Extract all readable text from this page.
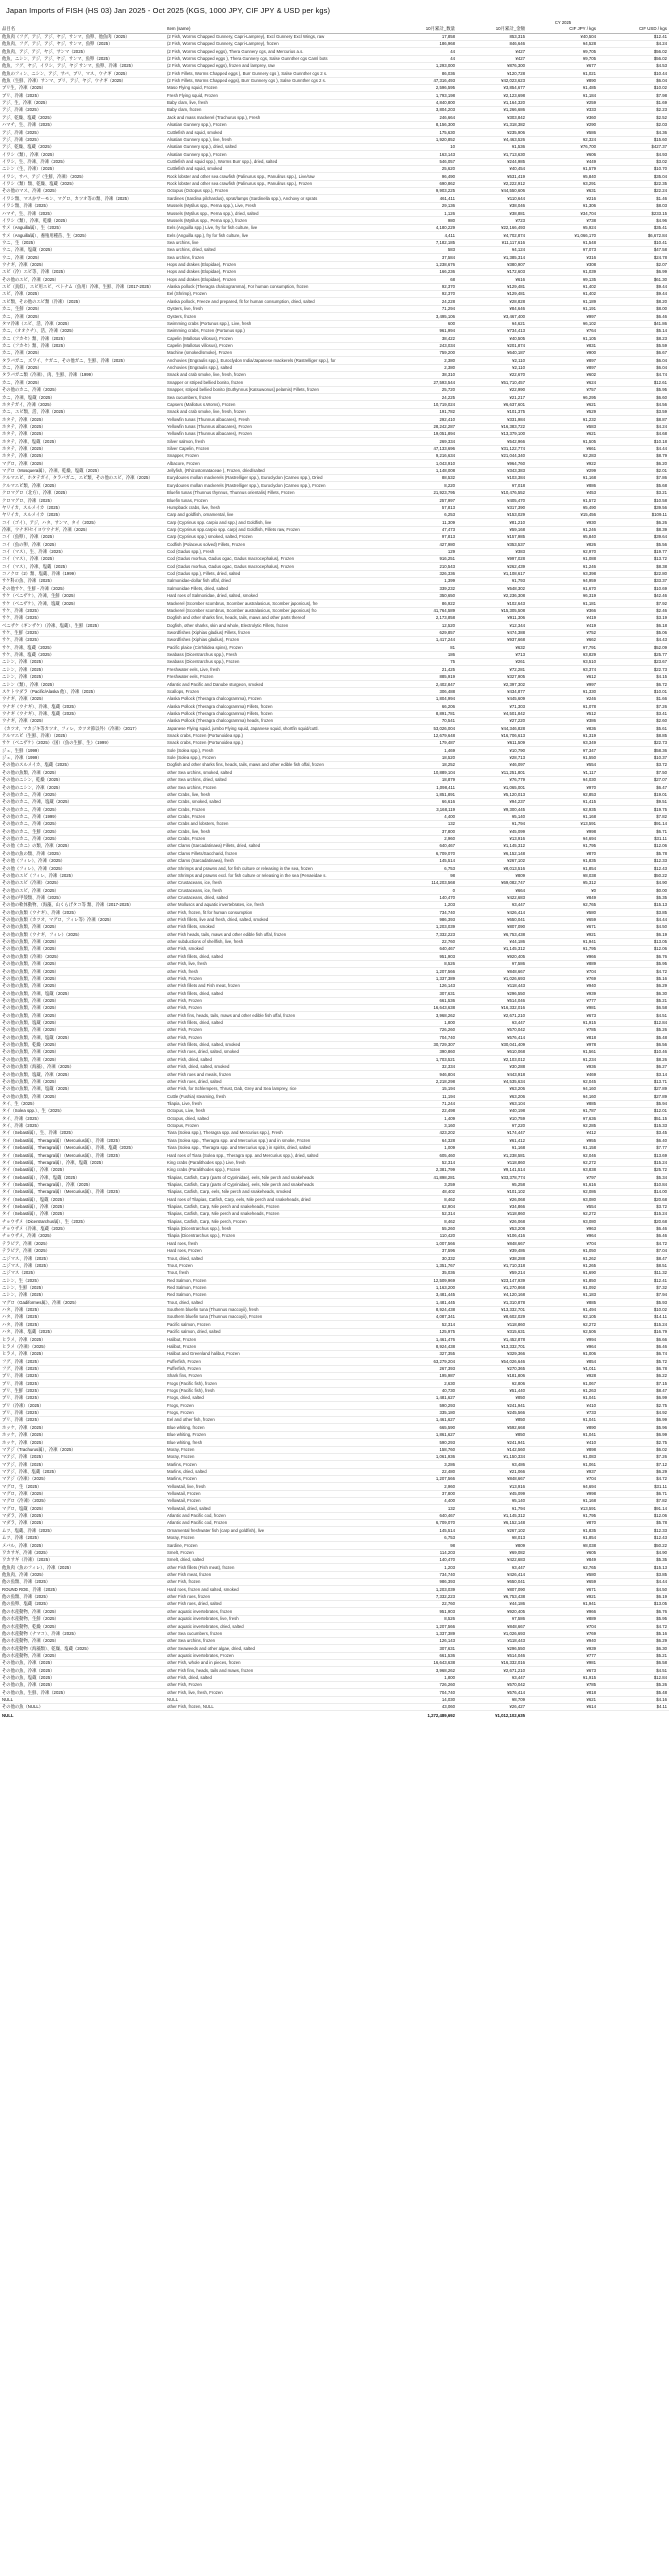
Japan Imports of FISH (HS 03) Jan 2025 - Oct 2025 (KGS, 1000 JPY, CIF JPY & USD per kgs)
			CY 2025		
品目名	Item (same)	10月累計_数量	10月累計_金額	CIF JPY / kgs	CIF USD / kgs
他魚肉（フグ、アジ、アジ、ヤジ、サンマ、魚卵、他魚肉（2025）	(2 Fish, Worms Chapped Gunnery, Capri-Lamprey), Excl Gunnery Excl Wings, raw	17,858	853,315	¥40,504	$12.41
他魚肉、フグ、アジ、アジ、ヤジ、サンマ、魚卵（2025）	(2 Fish, Worms Chapped Gunnery, Capri-Lamprey), frozen	186,968	846,646	¥4,528	$4.24
他魚肉、アジ、アジ、ヤジ、サンマ（2025）	(2 Fish, Worms Chapped eggs), Thera Gunnery cgs, and Mercurius a.s.	44	¥427	¥9,705	$56.02
他魚、ニシン、アジ、アジ、ヤジ、サンマ、魚卵（2025）	(2 Fish, Worms Chapped eggs ), Thera Gunnery cgs, Salse Gunnther cgs Caml bots	44	¥427	¥9,705	$56.02
他魚、フグ、ヤジ、イワシ、アジ、ヤジ サンマ、魚卵、冷凍（2025）	(2 Fish, Worms Chapped eggs), frozen and lamprey, raw	1,293,000	¥876,300	¥677	$4.53
他魚のフィン、ニシン、アジ、サバ、ブリ、マス、ウナギ（2025）	(2 Fish Fillets, Worms Chapped eggs ), Burr Gunnery cgs ), Salse Gunnther cgs 2 s.	86,036	¥120,728	¥1,021	$10.44
他魚（生鮮、冷凍）サンマ、ブリ、アジ、ヤジ、ウナギ（2025）	(2 Fish Fillets, Worms Chapped eggs), Burr Gunnery cgs ), Salse Gunnther cgs 2 s.	47,316,493	¥42,023,623	¥890	$6.04
ブリ生、冷凍（2025）	Maso Flying squid, Frozen	2,596,595	¥3,854,677	¥1,485	$10.02
ブリ、冷凍（2025）	Fresh Flying squid, Frozen	1,793,198	¥2,123,698	¥1,184	$7.98
アジ、生、冷凍（2025）	Baby clam, live, fresh	4,840,800	¥1,164,320	¥259	$1.69
アジ、冷凍（2025）	Baby clam, frozen	3,804,203	¥1,266,686	¥333	$2.23
アジ、乾燥、塩蔵（2025）	Jack and mass mackerel (Trachurus spp.), Fresh	246,664	¥303,842	¥360	$2.52
ハマチ、生、冷凍（2025）	Alsatian Gunnery spp.), Frozen	8,156,300	¥1,318,382	¥290	$2.03
アジ、冷凍（2025）	Cuttlefish and squid, smoked	175,630	¥235,906	¥586	$4.36
アジ、冷凍（2025）	Alsatian Gunnery spp.), live, fresh	1,920,852	¥4,463,526	¥2,324	$15.60
アジ、乾燥、塩蔵（2025）	Alsatian Gunnery spp.), dried, salted	10	¥1,536	¥76,700	$427.37
イワシ（類）、冷凍（2025）	Alsatian Gunnery spp.), Frozen	163,143	¥1,713,630	¥606	$4.93
イワシ、生、冷凍、冷凍（2025）	Cuttlefish and squid spp.), Worms Burr spp.), dried, salted	546,057	¥244,985	¥449	$3.02
ニシン（生、冷凍）（2025）	Cuttlefish and squid, smoked	25,620	¥40,454	¥1,579	$10.70
イワシ、サバ、アジ（生鮮、冷凍）（2025）	Rock lobster and other sea crawfish (Palinurus spp., Panulirus spp.), Live/raw	96,490	¥531,419	¥5,840	$35.04
イワシ（類）類、乾燥、塩蔵（2025）	Rock lobster and other sea crawfish (Palinurus spp., Panulirus spp.), Frozen	690,862	¥2,222,912	¥3,291	$22.35
その他のマス、冷凍（2025）	Octopus (Octopus spp.), Frozen	9,903,225	¥44,550,606	¥631	$22.24
イワシ類、マスかサーモン、マグロ、カツオ等の類、冷凍（2025）	Sardines (Sardina pilchardus), sprat/lamps (Sardinella spp.), Anchovy or sprats	461,411	¥110,644	¥216	$1.46
イワシ類、冷凍（2025）	Mussels (Mytilus spp., Perna spp.), Live, Fresh	29,136	¥38,046	¥1,306	$8.03
ハマチ、生、冷凍（2025）	Mussels (Mytilus spp., Perna spp.), dried, salted	1,126	¥38,881	¥34,704	$233.15
イワシ（類）、冷凍、乾燥（2025）	Mussels (Mytilus spp., Perna spp.), frozen	980	¥723	¥738	$4.96
サメ（Anguilla属）、生（2025）	Eels (Anguilla spp.) Live, fry for fish culture, live	4,180,229	¥22,166,493	¥5,924	$35.41
サメ（Anguilla属）、養殖用種苗、生（2025）	Eels (Anguilla spp.), fry for fish culture, live	4,411	¥4,702,874	¥1,066,170	$6,672.84
ウニ、生（2025）	Sea urchins, live	7,182,185	¥11,117,616	¥1,548	$10.41
ウニ、冷凍、塩蔵（2025）	Sea urchins, dried, salted	583	¥4,124	¥7,073	$47.58
ウニ、冷凍（2025）	Sea urchins, frozen	37,584	¥1,385,314	¥316	$24.78
ウナギ、冷凍（2025）	Hops and drakes (Elopidae), Frozen	1,238,676	¥380,907	¥308	$2.07
エビ（冷）エビ等、冷凍（2025）	Hops and drakes (Elopidae), Frozen	166,236	¥172,603	¥1,039	$6.99
その他のエビ、冷凍（2025）	Hops and drakes (Elopidae), Frozen	68	¥616	¥9,135	$61.30
エビ（真似）、エビ用エビ、ベトナム（魚用）冷凍、生鮮、冷凍（2017-2025）	Alaska pollock (Theragra chalcogramma), For human consumption, frozen	92,370	¥129,481	¥1,402	$9.44
エビ、冷凍（2025）	Eel (Shrimp), Frozen	92,370	¥129,481	¥1,402	$9.44
エビ類、その他のエビ類（冷凍）（2025）	Alaska pollock, Freeze and prepared, fit for human consumption, dried, salted	24,228	¥28,828	¥1,189	$8.20
カニ、生鮮（2025）	Oysters, live, fresh	71,294	¥84,646	¥1,191	$8.00
カニ、冷凍（2025）	Oysters, frozen	3,495,106	¥3,467,400	¥997	$6.46
タマ冷凍（エビ、活、冷凍（2025）	Swimming crabs (Portunus spp.), Live, fresh	600	¥4,621	¥6,102	$41.86
カニ、（オオクチ）、活、冷凍（2025）	Swimming crabs, Frozen (Portunus spp.)	961,994	¥734,413	¥764	$5.14
カニ（フカセ）類、冷凍（2025）	Capelin (Mallotus villosus), Frozen	38,422	¥40,505	¥1,105	$8.23
カニ（フカセ）類、冷凍（2025）	Capelin (Mallotus villosus), Frozen	243,034	¥201,874	¥831	$5.59
カニ、冷凍（2025）	Machine (smoked/smoke), Frozen	759,200	¥640,187	¥900	$6.67
タラバガニ、ズワイ、ケガニ、その他ガニ、生鮮、冷凍（2025）	Anchovies (Engraulis spp.), Euroclydon India/Japanese mackerels (Rastrelliger spp.), for	2,380	¥2,110	¥897	$6.04
カニ、冷凍（2025）	Anchovies (Engraulis spp.), salted	2,380	¥2,110	¥897	$6.04
タラバガニ類（冷凍）、肉、生鮮、冷凍（1999）	Snack and crab smoke, live, fresh, frozen	38,310	¥22,670	¥602	$4.74
カニ、冷凍（2025）	Snapper or striped bellied bonito, frozen	27,593,544	¥51,710,457	¥624	$12.61
その他のカニ、冷凍（2025）	Snapper, striped bellied bonito (Euthynnus [Katsuwonus] pelamis) Fillets, frozen	25,720	¥22,990	¥757	$5.95
カニ、冷凍、塩蔵（2025）	Sea cucumbers, frozen	24,225	¥21,217	¥6,295	$6.60
ホタテガイ、冷凍（2025）	Capsers (Mallotus s.Woms), Frozen	10,719,024	¥6,637,601	¥621	$4.56
カニ、エビ類、活、冷凍（2025）	Snack and crab smoke, live, fresh, frozen	191,782	¥101,375	¥529	$3.59
ホタテ、冷凍（2025）	Yellowfin tunas (Thunnus albacares), Fresh	292,410	¥331,984	¥1,232	$8.87
ホタテ、冷凍（2025）	Yellowfin tunas (Thunnus albacares), Frozen	28,242,287	¥16,383,722	¥583	$4.24
ホタテ、冷凍（2025）	Yellowfin tunas (Thunnus albacares), Frozen	19,051,894	¥13,379,100	¥621	$4.68
ホタテ、冷凍、塩蔵（2025）	Silver salmon, fresh	269,334	¥542,966	¥1,505	$10.18
ホタテ、冷凍（2025）	Silver Capelin, Frozen	47,133,696	¥31,122,774	¥661	$4.44
ホタテ、冷凍（2025）	Snapper, Frozen	9,216,634	¥21,044,340	¥2,283	$8.79
マグロ、冷凍（2025）	Albacore, Frozen	1,043,910	¥964,760	¥922	$6.20
マグロ（Mosquera属）、冷凍、乾燥、塩蔵（2025）	Jellyfish, (Rhizostomataceae ), Frozen, dried/salted	1,148,008	¥343,383	¥299	$2.01
クルマエビ、ホタテガイ、タラバガニ、エビ類、その他のエビ、冷凍（2025）	Eurydoures mollan mackerels (Rastrelliger spp.), Euroclydon (Carnex spp.), Dried	88,532	¥103,384	¥1,168	$7.86
クルマエビ類、冷凍（2025）	Eurydoures mollan mackerels (Rastrelliger spp.), Euroclydon (Carnex spp.), Frozen	8,220	¥7,018	¥886	$5.68
クロマグロ（北方）、冷凍（2025）	Bluefin tunas (Thunnus thynnus, Thunnus orientalis) Fillets, Frozen	21,923,795	¥10,476,552	¥453	$3.21
クロマグロ、冷凍（2025）	Bluefin tunas, Frozen	257,997	¥405,470	¥1,572	$10.58
ヤリイカ、スルメイカ（2025）	Humpback crabs, live, fresh	57,813	¥317,390	¥5,490	$39.56
ヤリイカ、スルメイカ（2025）	Carp and goldfish, ornamental, live	6,253	¥153,029	¥15,456	$109.11
コイ（ゴイ）、アジ、ハタ、サンマ、タイ（2025）	Carp (Cyprinus spp. carpio and spp.) and Goldfish, live	11,309	¥81,210	¥930	$6.26
冷凍、ウナギ/セイヨウウナギ、冷凍（2025）	Carp (Cyprinus spp.carpio spp. carp) and Goldfish, Fillets raw, Frozen	47,473	¥59,168	¥1,246	$8.39
コイ（魚卵）、冷凍（2025）	Carp (Cyprinus spp.) smoked, salted, Frozen	97,813	¥157,985	¥5,840	$39.64
コイ（魚の卵、冷凍（2025）	Codfish (Polaceus solved) Fillets, Frozen	427,980	¥353,537	¥826	$5.56
コイ（マス）、生、冷凍（2025）	Cod (Gadus spp.), Fresh	129	¥383	¥2,970	$19.77
コイ（マス）、冷凍（2025）	Cod (Gadus morhua, Gadus ogac, Gadus macrocephalus), Frozen	916,251	¥997,028	¥1,088	$13.72
コイ（マス）、冷凍、塩蔵（2025）	Cod (Gadus morhua, Gadus ogac, Gadus macrocephalus), Frozen	210,543	¥262,439	¥1,246	$8.38
コノクロ（2）類、塩蔵、冷凍（1999）	Cod (Gadus spp.), Fillets, dried, salted	326,336	¥1,108,617	¥3,398	$22.80
サケ科の魚、冷凍（2025）	Salmonidae-dollar fish offal, dried	1,399	¥1,793	¥4,959	$33.37
その他サケ、生鮮・冷凍（2025）	Salmonidae Fillets, dried, salted	339,232	¥548,302	¥1,670	$10.69
サケ（ベニザケ）、冷凍、生鮮（2025）	Hard roes of Salmonidae, dried, salted, smoked	350,650	¥2,236,308	¥6,319	$42.46
サケ（ベニザケ）、冷凍、塩蔵（2025）	Mackerel (Scomber scombrus, Scomber australasicus, Scomber japonicus), fre	86,922	¥102,643	¥1,181	$7.92
サケ、冷凍（2025）	Mackerel (Scomber scombrus, Scomber australasicus, Scomber japonicus) fro	41,764,589	¥15,305,508	¥366	$2.46
サケ、冷凍（2025）	Dogfish and other sharks fins, heads, tails, maws and other parts thereof	2,173,858	¥911,306	¥419	$3.19
ベニザケ（ギンザケ）（冷凍、塩蔵）、生鮮（2025）	Dogfish, other sharks, skin and whole, Electrolytic Fillets, frozen	12,520	¥12,344	¥419	$6.18
サケ、生鮮（2025）	Swordfishes (Xiphias gladius) Fillets, frozen	629,857	¥474,388	¥752	$5.06
サケ、冷凍（2025）	Swordfishes (Xiphias gladius), Frozen	1,417,244	¥937,668	¥662	$4.43
サケ、冷凍、塩蔵（2025）	Pacific plaice (Cirrhitidea spins), Frozen	81	¥632	¥7,791	$52.09
サケ、冷凍、塩蔵（2025）	Seabass (Dicentrarchus spp.), Fresh	186	¥713	¥3,829	$25.77
ニシン、冷凍（2025）	Seabass (Dicentrarchus spp.), Frozen	75	¥261	¥3,510	$23.67
ニシン、冷凍（2025）	Freshwater eels, Live, fresh	21,425	¥72,281	¥3,374	$22.73
ニシン、冷凍（2025）	Freshwater eels, Frozen	885,919	¥327,905	¥612	$4.15
ニシン（類）、冷凍（2025）	Atlantic and Pacific and Danube sturgeon, smoked	2,402,847	¥2,397,302	¥997	$6.72
スケトウダラ（Pacific/Alaska 他）、冷凍（2025）	Scallops, Frozen	306,488	¥434,877	¥1,330	$10.01
ウナギ、冷凍（2025）	Alaska Pollock (Theragra chalcogramma), Frozen	1,804,994	¥445,609	¥246	$1.66
ウナギ（ウナギ）、冷凍、塩蔵（2025）	Alaska Pollock (Theragra chalcogramma) Fillets, frozen	66,206	¥71,303	¥1,078	$7.26
ウナギ（ウナギ）、冷凍、塩蔵（2025）	Alaska Pollock (Theragra chalcogramma) Fillets, frozen	8,891,781	¥4,501,842	¥512	$3.41
ウナギ、冷凍（2025）	Alaska Pollock (Theragra chalcogramma) heads, frozen	70,541	¥27,220	¥386	$2.60
（カツオ、マカジキ等カツオ、フィレ、カツオ節以外）（冷凍）（2017）	Japanese Flying squid, jumbo Flying squid, Japanese squid, shortfin squid/cuttl.	53,026,004	¥44,346,828	¥836	$5.61
クルマエビ（生鮮、冷凍）（2025）	Snack crabs, Frozen (Portunoidea spp.)	12,679,648	¥16,706,613	¥1,319	$8.85
サケ（ベニザケ）（2025）（国）（魚の生鮮、生）（1999）	Snack crabs, Frozen (Portunoidea spp.)	179,487	¥611,509	¥3,349	$22.73
ジュ、生鮮（1999）	Sole (Solea spp.), Fresh	1,469	¥10,790	¥7,347	$58.36
ジュ、冷凍（1999）	Sole (Solea spp.), Frozen	18,520	¥28,713	¥1,550	$10.37
その他のスルメイカ、塩蔵（2025）	Dogfish and other sharks fins, heads, tails, maws and other edible fish offal, frozen	18,252	¥46,097	¥554	$3.72
その他の魚類、冷凍（2025）	other Sea urchins, smoked, salted	10,889,104	¥11,251,801	¥1,117	$7.50
その他のニシン、乾燥（2025）	other Sea urchins, dried, salted	18,879	¥76,779	¥4,030	$27.07
その他のニシン、冷凍（2025）	other Sea urchins, Frozen	1,098,411	¥1,065,001	¥970	$6.47
その他のカニ、冷凍（2025）	other Crabs, live, fresh	1,851,891	¥5,120,013	¥2,853	$19.01
その他のカニ、冷凍、塩蔵（2025）	other Crabs, smoked, salted	66,616	¥94,237	¥1,415	$9.51
その他のカニ、冷凍（2025）	other Crabs, Frozen	3,168,119	¥9,300,445	¥2,935	$19.75
その他のカニ、冷凍（1999）	other Crabs, Frozen	4,400	¥5,140	¥1,168	$7.82
その他のカニ、冷凍（2025）	other Crabs and lobsters, frozen	132	¥1,794	¥13,591	$91.14
その他のカニ、生鮮（2025）	other Crabs, live, fresh	37,800	¥45,099	¥998	$6.71
その他のカニ、冷凍（2025）	other Crabs, Frozen	2,960	¥13,916	¥4,694	$31.11
その他（カニ）の類、冷凍（2025）	other Clams (Sarcadatinaea) Fillets, dried, salted	640,467	¥1,145,312	¥1,795	$12.06
その他の魚の類、冷凍（2025）	other Clams Fillets/Saccharid, frozen	6,709,070	¥6,152,148	¥870	$5.78
その他（フィレ）、冷凍（2025）	other Clams (Sarcadatinaea), fresh	145,514	¥267,102	¥1,835	$12.33
その他（フィレ）、冷凍（2025）	other Shrimps and prawns and, for fish culture or releasing in the sea, frozen	6,753	¥8,013,516	¥1,854	$12.43
その他のエビ（フィレ、冷凍（2025）	other Shrimps and prawns excl. for fish culture or releasing in the sea (Penaeidae s.	98	¥809	¥8,038	$50.22
その他のエビ（冷凍）（2025）	other Crustaceans, ice, fresh	114,203,568	¥69,082,747	¥5,312	$4.90
その他のエビ、冷凍（2025）	other Crustaceans, ice, fresh	0	¥664	¥0	$0.00
その他の甲殻類、冷凍（2025）	other Crustaceans, dried, salted	140,470	¥422,683	¥849	$5.35
その他の軟体動物、（海藻、山くらげタコ等 類、冷凍（2017-2025）	other Molluscs and aquatic invertebrates, ice, fresh	1,203	¥3,447	¥2,765	$15.13
その他の魚類（ウナギ）、冷凍（2025）	other Fish, frozen, fit for human consumption	734,740	¥426,414	¥580	$3.85
その他の魚類（カツオ、マグロ、フィレ等）冷凍（2025）	other Fish fillets, live and fresh, dried, salted, smoked	986,393	¥650,041	¥659	$4.44
その他の魚類、冷凍（2025）	other Fish fillets, smoked	1,203,039	¥807,090	¥671	$4.50
その他の魚類（ウナギ、フィレ）（2025）	other Fish heads, tails, maws and other edible fish offal, frozen	7,332,223	¥6,753,438	¥921	$6.19
その他の魚類、冷凍（2025）	other subductions of shellfish, live, fresh	22,760	¥44,186	¥1,941	$13.05
その他の魚類、冷凍（2025）	other Fish, smoked	640,467	¥1,145,312	¥1,795	$12.06
その他の魚類（冷凍）（2025）	other Fish fillets, dried, salted	951,903	¥920,405	¥966	$6.76
その他の魚類、冷凍（2025）	other Fish, live, fresh	8,526	¥7,586	¥889	$5.95
その他の魚類、冷凍（2025）	other Fish, fresh	1,207,566	¥848,667	¥704	$4.72
その他の魚類、冷凍（2025）	other Fish, Frozen	1,337,389	¥1,026,693	¥769	$5.16
その他の魚類、冷凍（2025）	other Fish fillets and Fish meat, frozen	126,143	¥118,443	¥940	$6.29
その他の魚類、冷凍、塩蔵（2025）	other Fish fillets, dried, salted	307,631	¥296,550	¥939	$6.30
その他の魚類、冷凍（2025）	other Fish, Frozen	661,536	¥514,046	¥777	$5.21
その他の魚類、冷凍（2025）	other Fish, Frozen	16,643,638	¥16,332,016	¥981	$6.58
その他の魚類、冷凍（2025）	other Fish fins, heads, tails, maws and other edible fish offal, frozen	3,968,262	¥2,671,210	¥673	$4.51
その他の魚類、塩蔵（2025）	other Fish fillets, dried, salted	1,800	¥3,447	¥1,915	$12.84
その他の魚類、冷凍（2025）	other Fish, Frozen	726,260	¥570,042	¥785	$5.26
その他の魚類、冷凍、塩蔵（2025）	other Fish, Frozen	704,740	¥576,414	¥818	$5.48
その他の魚類、乾燥（2025）	other Fish fillets, dried, salted, smoked	30,729,307	¥30,041,409	¥978	$6.56
その他の魚類、冷凍（2025）	other Fish roes, dried, salted, smoked	390,860	¥610,068	¥1,561	$10.46
その他の魚類、冷凍（2025）	other Fish, dried, salted	1,703,521	¥2,103,012	¥1,234	$8.26
その他の魚類（海藻）、冷凍（2025）	other Fish, dried, salted, smoked	32,334	¥30,288	¥936	$6.27
その他の魚類、塩蔵、冷凍（2025）	other Fish roes and meals, frozen	946,804	¥443,918	¥469	$3.14
その他の魚類、冷凍（2025）	other Fish roes, dried, salted	2,218,298	¥4,535,634	¥2,045	$13.71
その他の魚類、冷凍、塩蔵（2025）	other Fish, for Schlempers, Thrust, Dab, Grey and Sea lamprey, rice	15,194	¥63,206	¥4,160	$27.89
その他の魚類、冷凍（2025）	Cuttle (Fushia) steaming, fresh	11,194	¥63,206	¥4,160	$27.89
タイ、生（2025）	Tilapia, Live, fresh	71,244	¥63,104	¥885	$5.94
タイ（Solea spp.）、生（2025）	Octopus, Live, fresh	22,498	¥40,198	¥1,787	$12.01
タイ、冷凍（2025）	Octopus, dried, salted	1,409	¥10,759	¥7,636	$51.15
タイ、冷凍（2025）	Octopus, Frozen	3,160	¥7,220	¥2,285	$15.33
タイ（Sebasti属）、生、冷凍（2025）	Tiara (Solea spp.), Theragra spp. and Mercurius spp.), Fresh	423,202	¥174,447	¥412	$3.45
タイ（Sebasti属、Theragra属）（Mercurius属）、冷凍（2025）	Tiara (Solea spp., Theragra spp. and Mercurius spp.) and in smoke, Frozen	64,328	¥61,412	¥955	$6.40
タイ（Sebasti属、Theragra属）（Mercurius属）、冷凍、塩蔵（2025）	Tiara (Solea spp., Theragra spp. and Mercurius spp.) in spirits, dried, salted	1,009	¥1,168	¥1,158	$7.77
タイ（Sebasti属、Theragra属）（Mercurius属）、冷凍（2025）	Hard roes of Tiara (Solea spp., Theragra spp. and Mercurius spp.), dried, salted	605,460	¥1,238,581	¥2,046	$13.69
タイ（Sebasti属、Theragra属）、冷凍、塩蔵（2025）	King crabs (Paralithodes spp.) Live, fresh	52,314	¥118,860	¥2,272	$15.24
タイ（Sebasti属）、冷凍（2025）	King crabs (Paralithodes spp.), Frozen	2,381,799	¥9,141,514	¥3,838	$25.72
タイ（Sebasti属）、冷凍、塩蔵（2025）	Tilapias, Catfish, Carp (parts of Cyprinidae), eels, Nile perch and snakeheads	41,898,281	¥33,378,774	¥797	$5.34
タイ（Sebasti属、Theragra属）、冷凍（2025）	Tilapias, Catfish, Carp (parts of Cyprinidae), eels, Nile perch and snakeheads	3,259	¥5,258	¥1,616	$10.84
タイ（Sebasti属、Theragra属）（Mercurius属）、冷凍（2025）	Tilapias, Catfish, Carp, eels, Nile perch and snakeheads, smoked	48,402	¥101,102	¥2,086	$14.00
タイ（Sebasti属）、塩蔵（2025）	Hard roes of Tilapias, Catfish, Carp, eels, Nile perch and snakeheads, dried	8,462	¥26,068	¥3,080	$20.68
タイ（Sebasti属）、冷凍（2025）	Tilapias, Catfish, Carp, Nile perch and snakeheads, Frozen	62,904	¥34,866	¥554	$3.72
タイ（Sebasti属）、冷凍（2025）	Tilapias, Catfish, Carp, Nile perch and snakeheads, Frozen	52,314	¥118,860	¥2,272	$15.24
チョウザメ（Dicentrarchus属）、生（2025）	Tilapias, Catfish, Carp, Nile perch, Frozen	8,462	¥26,068	¥3,080	$20.68
チョウザメ（冷凍、塩蔵（2025）	Tilapia (Dicentrarchus spp.), fresh	55,260	¥53,208	¥963	$6.46
チョウザメ、冷凍（2025）	Tilapia (Dicentrarchus spp.), Frozen	110,420	¥106,416	¥964	$6.46
テラピア、冷凍（2025）	Hard roes, fresh	1,007,566	¥848,667	¥704	$4.72
テラピア、冷凍（2025）	Hard roes, Frozen	37,596	¥39,486	¥1,050	$7.04
ニジマス、冷凍（2025）	Trout, dried, salted	30,332	¥38,288	¥1,262	$8.47
ニジマス、冷凍（2025）	Trout, Frozen	1,351,767	¥1,710,318	¥1,265	$8.51
ニジマス（2025）	Trout, fresh	35,036	¥59,214	¥1,690	$11.32
ニシン、生（2025）	Red Salmon, Frozen	12,509,969	¥23,147,939	¥1,850	$12.41
ニシン、生鮮（2025）	Red Salmon, Frozen	1,163,200	¥1,270,868	¥1,092	$7.32
ニシン、冷凍（2025）	Red Salmon, Frozen	3,481,445	¥4,120,168	¥1,183	$7.94
マグロ（Gadiformes属）、冷凍（2025）	Trout, dried, salted	1,481,445	¥1,310,878	¥885	$5.93
ハタ、冷凍（2025）	Southern bluefin tuna (Thunnus maccoyii), fresh	8,924,438	¥13,332,701	¥1,494	$10.02
ハタ、冷凍（2025）	Southern bluefin tuna (Thunnus maccoyii), Frozen	4,087,341	¥8,602,029	¥2,105	$14.11
ハタ、冷凍（2025）	Pacific salmon, Frozen	52,314	¥118,860	¥2,272	$15.24
ハタ、冷凍、塩蔵（2025）	Pacific salmon, dried, salted	125,975	¥315,631	¥2,506	$16.79
ヒラメ、冷凍（2025）	Halibut, Frozen	1,461,476	¥1,452,878	¥994	$6.66
ヒラメ（冷凍）（2025）	Halibut, Frozen	8,924,438	¥13,332,701	¥964	$6.46
ヒラメ、冷凍（2025）	Halibut and Greenland halibut, Frozen	327,355	¥329,366	¥1,006	$6.74
フグ、冷凍（2025）	Pufferfish, Frozen	63,279,204	¥54,026,646	¥854	$5.72
フグ、冷凍（2025）	Pufferfish, Frozen	267,393	¥270,365	¥1,011	$6.78
ブリ、冷凍（2025）	Shark fins, Frozen	195,987	¥181,806	¥928	$6.22
ブリ、冷凍（2025）	Frogs (Pacific fish), frozen	2,630	¥2,806	¥1,067	$7.15
ブリ、生鮮（2025）	Frogs (Pacific fish), fresh	40,730	¥51,440	¥1,263	$8.47
ブリ、冷凍（2025）	Frogs, dried, salted	1,481,627	¥850	¥1,041	$6.99
ブリ（冷凍）（2025）	Frogs, Frozen	590,293	¥241,941	¥410	$2.75
ブリ、冷凍（2025）	Frogs, Frozen	335,180	¥245,566	¥733	$4.92
ブリ、冷凍（2025）	Eel and other fish, frozen	1,461,627	¥850	¥1,041	$6.99
ホッケ、冷凍（2025）	Blue whiting, frozen	665,590	¥592,668	¥890	$5.96
ホッケ、冷凍（2025）	Blue whiting, Frozen	1,861,627	¥850	¥1,041	$6.99
ホッケ、冷凍（2025）	Blue whiting, fresh	590,293	¥241,941	¥410	$2.75
マアジ（Trachurus属）、冷凍（2025）	Moray, Frozen	158,760	¥142,560	¥898	$6.02
マアジ、冷凍（2025）	Moray, Frozen	1,061,936	¥1,150,334	¥1,083	$7.26
マアジ、冷凍（2025）	Marlins, Frozen	3,286	¥3,486	¥1,061	$7.12
マアジ、冷凍、塩蔵（2025）	Marlins, dried, salted	22,480	¥21,066	¥937	$6.29
マアジ（冷凍）（2025）	Marlins, Frozen	1,207,566	¥848,667	¥704	$4.72
マグロ、生（2025）	Yellowtail, live, fresh	2,960	¥13,916	¥4,694	$31.11
マグロ、冷凍（2025）	Yellowtail, Frozen	37,800	¥45,099	¥998	$6.71
マグロ（冷凍）（2025）	Yellowtail, Frozen	4,400	¥5,140	¥1,168	$7.82
マグロ、塩蔵（2025）	Yellowtail, dried, salted	132	¥1,794	¥13,591	$91.14
マダラ、冷凍（2025）	Atlantic and Pacific cod, frozen	640,467	¥1,145,312	¥1,795	$12.06
マダラ、冷凍（2025）	Atlantic and Pacific cod, Frozen	6,709,070	¥6,152,148	¥870	$5.78
ムツ、塩蔵、冷凍（2025）	Ornamental freshwater fish (carp and goldfish), live	145,514	¥267,102	¥1,835	$12.33
ムツ、冷凍（2025）	Moray, Frozen	6,753	¥8,013	¥1,854	$12.43
メバル、冷凍（2025）	Sardine, Frozen	98	¥809	¥8,038	$50.22
ワカサギ、冷凍（2025）	Smelt, Frozen	114,203	¥69,082	¥605	$4.90
ワカサギ（冷凍）（2025）	Smelt, dried, salted	140,470	¥422,683	¥849	$5.35
他魚肉（魚のフィレ）、冷凍（2025）	other Fish fillets (Fish meat), frozen	1,203	¥3,447	¥2,765	$15.13
他魚肉、冷凍（2025）	other Fish meat, frozen	734,740	¥426,414	¥580	$3.85
他の魚類、冷凍（2025）	other Fish, frozen	986,393	¥650,041	¥659	$4.44
ROUND ROE、冷凍（2025）	Hard roes, frozen and salted, smoked	1,203,039	¥807,090	¥671	$4.50
他の魚類、冷凍（2025）	other Fish roes, frozen	7,332,223	¥6,753,438	¥921	$6.19
他の魚卵、塩蔵（2025）	other Fish roes, dried, salted	22,760	¥44,186	¥1,941	$13.05
他の水産動物、冷凍（2025）	other aquatic invertebrates, frozen	951,903	¥920,405	¥966	$6.76
他の水産動物、生鮮（2025）	other aquatic invertebrates, live, fresh	8,526	¥7,586	¥889	$5.95
他の水産動物、乾燥（2025）	other aquatic invertebrates, dried, salted	1,207,566	¥848,667	¥704	$4.72
他の水産動物（ナマコ）、冷凍（2025）	other Sea cucumbers, frozen	1,337,389	¥1,026,693	¥769	$5.16
他の水産動物、冷凍（2025）	other Sea urchins, frozen	126,143	¥118,443	¥940	$6.29
他の水産動物（海藻類）、乾燥、塩蔵（2025）	other Seaweeds and other algae, dried, salted	307,631	¥296,550	¥939	$6.30
他の水産動物、冷凍（2025）	other aquatic invertebrates, Frozen	661,536	¥514,046	¥777	$5.21
その他の魚、冷凍（2025）	other Fish, whole and in pieces, frozen	16,643,638	¥16,332,016	¥981	$6.58
その他の魚、冷凍（2025）	other Fish fins, heads, tails and maws, frozen	3,968,262	¥2,671,210	¥673	$4.51
その他の魚、塩蔵（2025）	other Fish, dried, salted	1,800	¥3,447	¥1,915	$12.84
その他の魚、冷凍（2025）	other Fish, Frozen	726,260	¥570,042	¥785	$5.26
その他の魚、生鮮、冷凍（2025）	other Fish, live, fresh, Frozen	704,740	¥576,414	¥818	$5.48
NULL	NULL	14,030	¥8,709	¥621	$4.16
その他の魚（NULL）	other Fish, frozen, NULL	43,060	¥26,427	¥614	$4.11
NULL		1,272,489,692	¥1,012,102,635		
